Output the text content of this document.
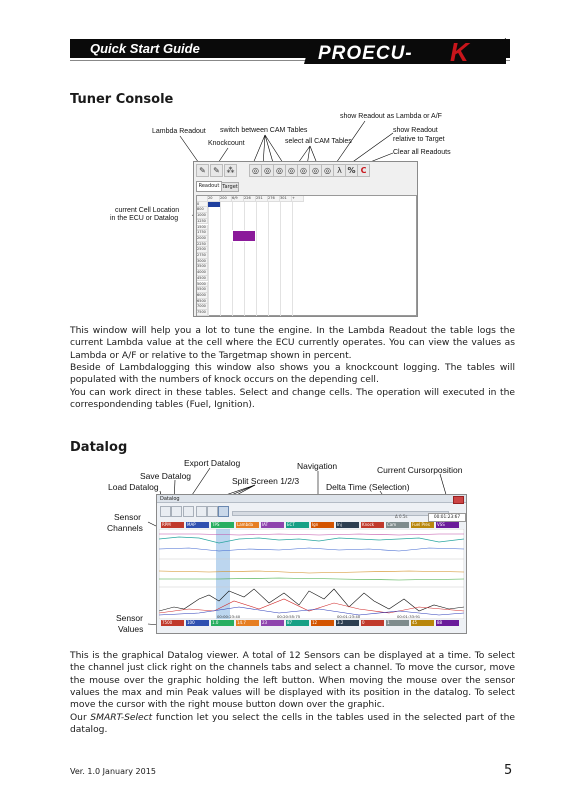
Quick Start Guide	PROECU- K
Tuner Console
Lambda Readout switch between CAM Tables
Knockcount	select all CAM Tables
show Readout as Lambda or A/F
show Readout
relative to Target
Clear all Readouts
current Cell Location
in the ECU or Datalog
✎ ✎ ⁂	◎ ◎ ◎ ◎ ◎ ◎ ◎ λ % C
Readout Target
20	200	6/9	226	251	276	301	+
0
800
1000
1250
1500
1750
2000
2250
2500
2750
3000
3500
4000
4500
5000
5500
6000
6500
7000
7500

This window will help you a lot to tune the engine. In the Lambda Readout the table logs the current Lambda value at the cell where the ECU currently operates. You can view the values as Lambda or A/F or relative to the Targetmap shown in percent.

Beside of Lambdalogging this window also shows you a knockcount logging. The tables will populated with the numbers of knock occurs on the depending cell.

You can work direct in these tables. Select and change cells. The operation will executed in the correspondending tables (Fuel, Ignition).

Datalog
Export Datalog	Navigation
Save Datalog
Current Cursorposition
Load Datalog
Split Screen 1/2/3
Delta Time (Selection)
Sensor
Channels
Sensor
Values
Datalog
Δ 0.5s	00:01:23:67
RPM	MAP	TPS	Lambda	IAT	ECT	Ign	Inj	Knock	Cam	Fuel Pres	VSS
7500	100	1.0	14.7	23	87	12	3.2	0	1	45	88
00:00:23:40	00:20:55:75	00:01:23:40	00:01:33:91

This is the graphical Datalog viewer. A total of 12 Sensors can be displayed at a time. To select the channel just click right on the channels tabs and select a channel. To move the cursor, move the mouse over the graphic holding the left button. When moving the mouse over the sensor values the max and min Peak values will be displayed with its position in the datalog. To select move the cursor with the right mouse button down over the graphic.

Our SMART-Select function let you select the cells in the tables used in the selected part of the datalog.

Ver. 1.0 January 2015	5
